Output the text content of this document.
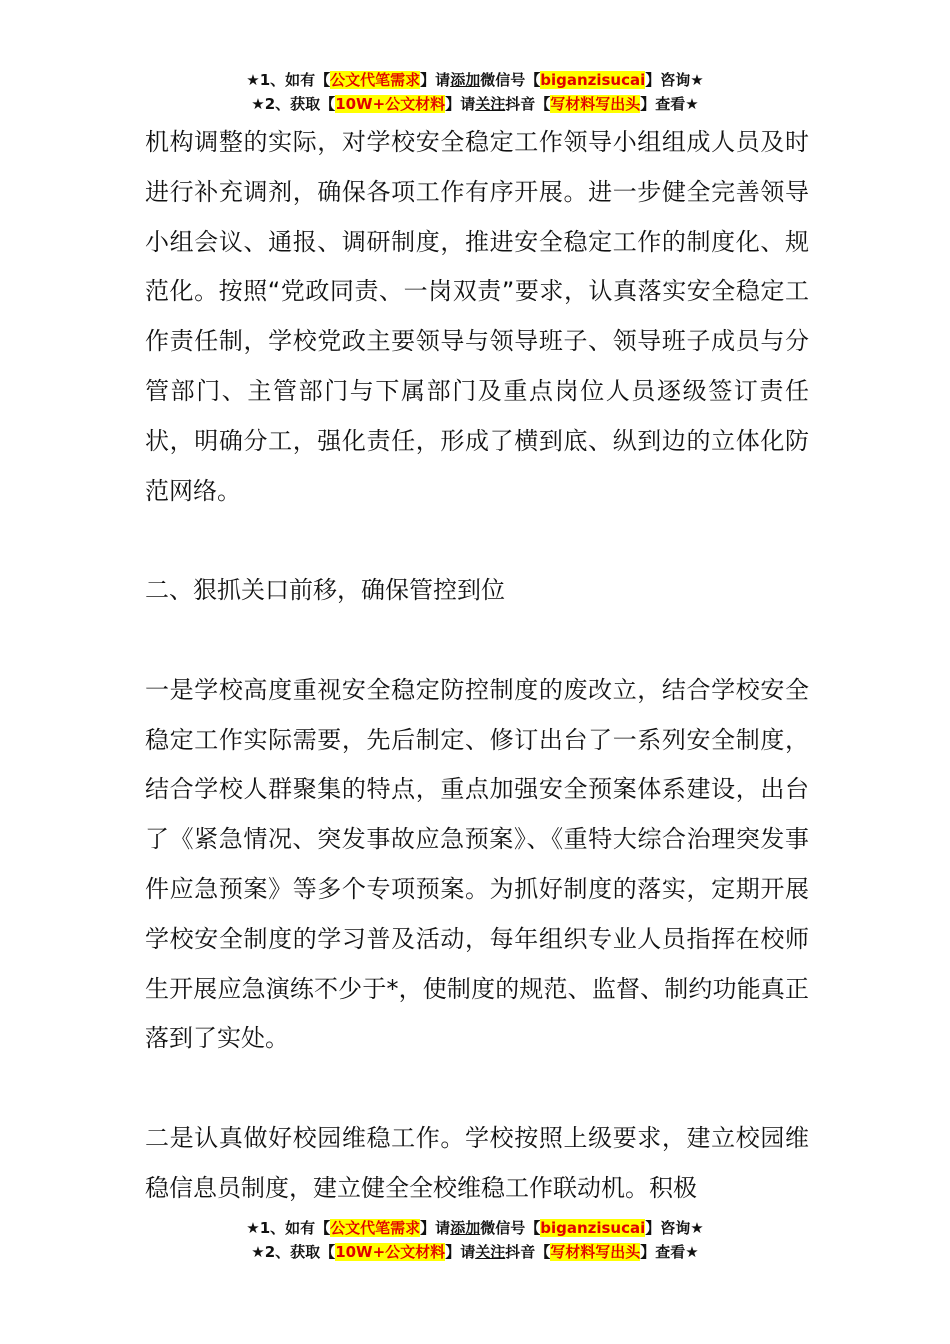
★1、如有【公文代笔需求】请添加微信号【biganzisucai】咨询★
★2、获取【10W+公文材料】请关注抖音【写材料写出头】查看★

机构调整的实际，对学校安全稳定工作领导小组组成人员及时进行补充调剂，确保各项工作有序开展。进一步健全完善领导小组会议、通报、调研制度，推进安全稳定工作的制度化、规范化。按照“党政同责、一岗双责”要求，认真落实安全稳定工作责任制，学校党政主要领导与领导班子、领导班子成员与分管部门、主管部门与下属部门及重点岗位人员逐级签订责任状，明确分工，强化责任，形成了横到底、纵到边的立体化防范网络。

二、狠抓关口前移，确保管控到位

一是学校高度重视安全稳定防控制度的废改立，结合学校安全稳定工作实际需要，先后制定、修订出台了一系列安全制度，结合学校人群聚集的特点，重点加强安全预案体系建设，出台了《紧急情况、突发事故应急预案》、《重特大综合治理突发事件应急预案》等多个专项预案。为抓好制度的落实，定期开展学校安全制度的学习普及活动，每年组织专业人员指挥在校师生开展应急演练不少于*，使制度的规范、监督、制约功能真正落到了实处。

二是认真做好校园维稳工作。学校按照上级要求，建立校园维稳信息员制度，建立健全全校维稳工作联动机。积极

★1、如有【公文代笔需求】请添加微信号【biganzisucai】咨询★
★2、获取【10W+公文材料】请关注抖音【写材料写出头】查看★
